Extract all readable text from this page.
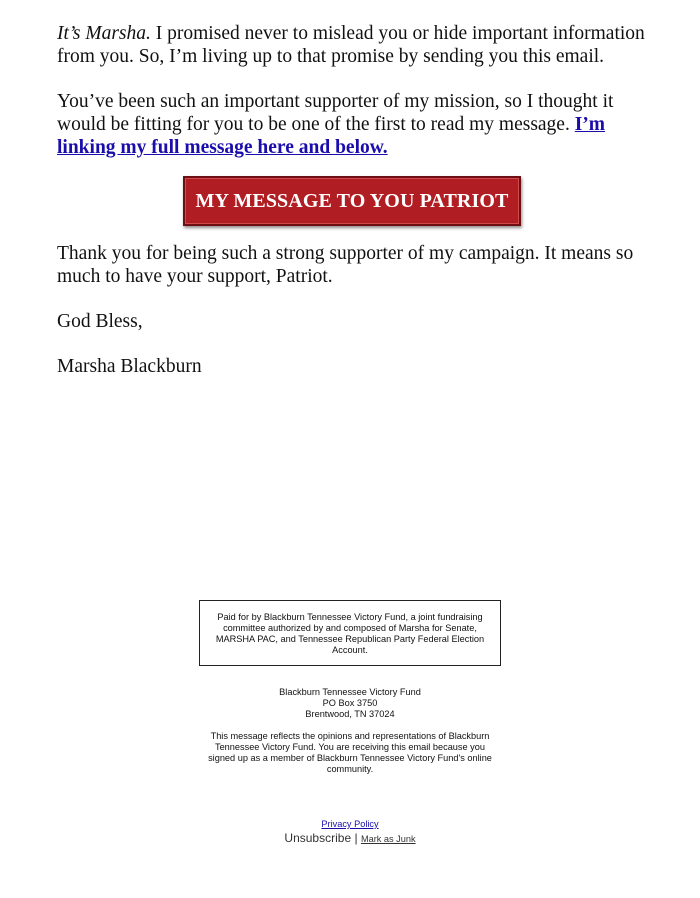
It’s Marsha. I promised never to mislead you or hide important information from you. So, I’m living up to that promise by sending you this email.

You’ve been such an important supporter of my mission, so I thought it would be fitting for you to be one of the first to read my message. I’m linking my full message here and below.

MY MESSAGE TO YOU PATRIOT

Thank you for being such a strong supporter of my campaign. It means so much to have your support, Patriot.

God Bless,

Marsha Blackburn

Paid for by Blackburn Tennessee Victory Fund, a joint fundraising committee authorized by and composed of Marsha for Senate, MARSHA PAC, and Tennessee Republican Party Federal Election Account.
Blackburn Tennessee Victory Fund
PO Box 3750
Brentwood, TN 37024
This message reflects the opinions and representations of Blackburn Tennessee Victory Fund. You are receiving this email because you signed up as a member of Blackburn Tennessee Victory Fund's online community.
Privacy Policy
Unsubscribe | Mark as Junk
